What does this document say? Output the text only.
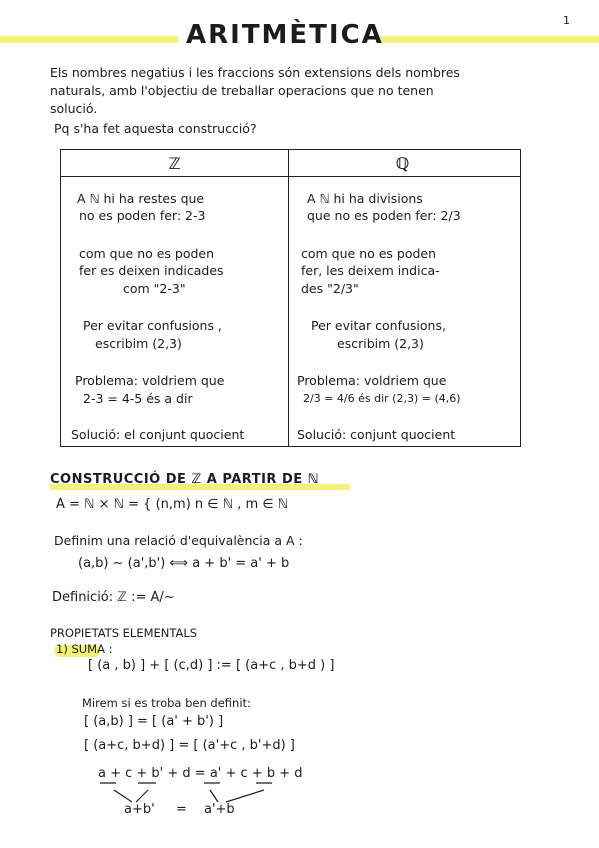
ARITMÈTICA	1
Els nombres negatius i les fraccions són extensions dels nombres
naturals, amb l'objectiu de treballar operacions que no tenen
solució.
Pq s'ha fet aquesta construcció?
ℤ	ℚ
A ℕ hi ha restes que
no es poden fer: 2-3
com que no es poden
fer es deixen indicades
com "2-3"
Per evitar confusions ,
escribim (2,3)
Problema: voldriem que
2-3 = 4-5 és a dir
Solució: el conjunt quocient
A ℕ hi ha divisions
que no es poden fer: 2/3
com que no es poden
fer, les deixem indica-
des "2/3"
Per evitar confusions,
escribim (2,3)
Problema: voldriem que
2/3 = 4/6 és dir (2,3) = (4,6)
Solució: conjunt quocient
CONSTRUCCIÓ DE ℤ A PARTIR DE ℕ
A = ℕ × ℕ = { (n,m) n ∈ ℕ , m ∈ ℕ
Definim una relació d'equivalència a A :
(a,b) ~ (a',b') ⟺ a + b' = a' + b
Definició: ℤ := A/~
PROPIETATS ELEMENTALS
1) SUMA :
[ (a , b) ] + [ (c,d) ] := [ (a+c , b+d ) ]
Mirem si es troba ben definit:
[ (a,b) ] = [ (a' + b') ]
[ (a+c, b+d) ] = [ (a'+c , b'+d) ]
a + c + b' + d = a' + c + b + d
a+b' = a'+b
